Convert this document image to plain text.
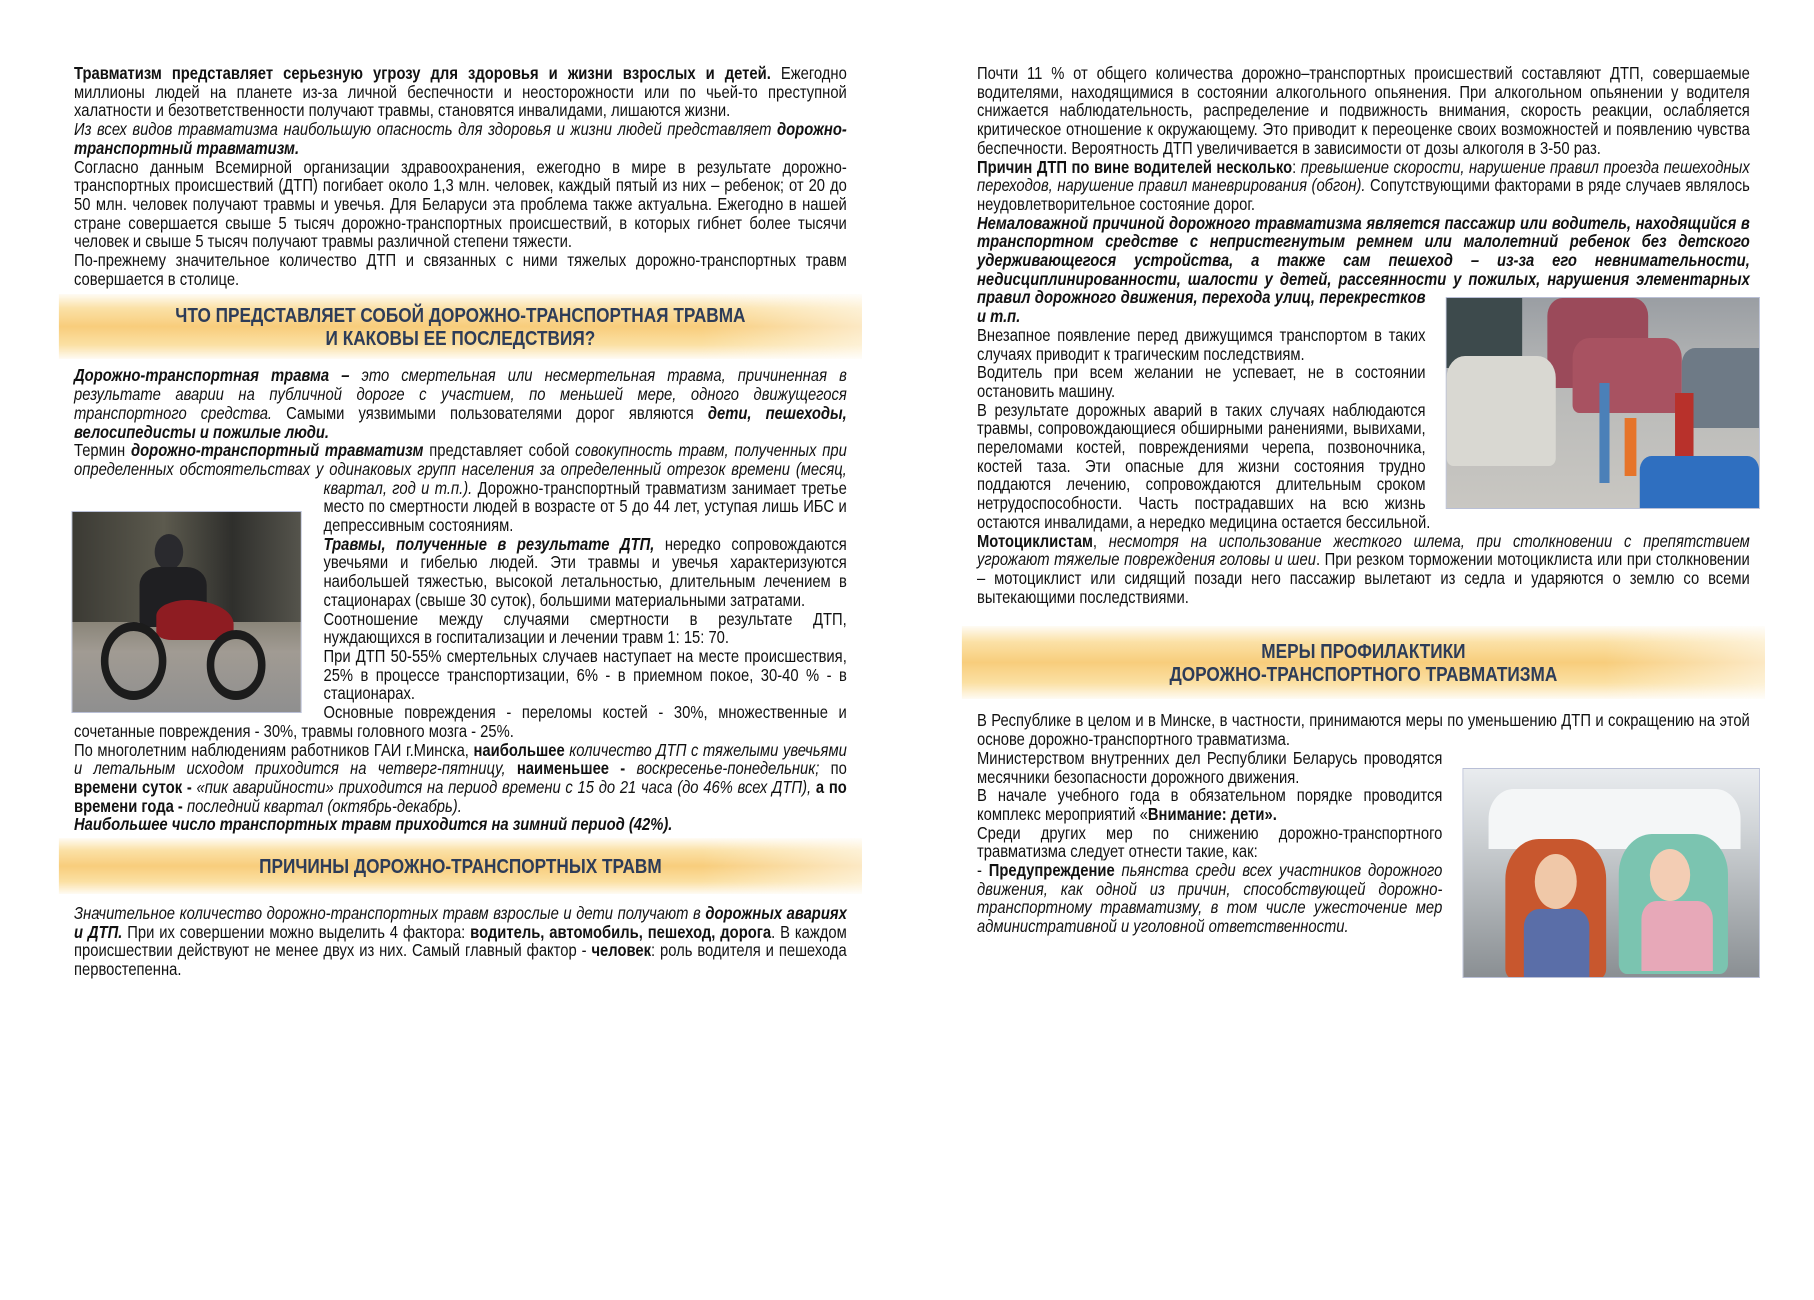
Травматизм представляет серьезную угрозу для здоровья и жизни взрослых и детей. Ежегодно миллионы людей на планете из-за личной беспечности и неосторожности или по чьей-то преступной халатности и безответственности получают травмы, становятся инвалидами, лишаются жизни.

Из всех видов травматизма наибольшую опасность для здоровья и жизни людей представляет дорожно-транспортный травматизм.

Согласно данным Всемирной организации здравоохранения, ежегодно в мире в результате дорожно-транспортных происшествий (ДТП) погибает около 1,3 млн. человек, каждый пятый из них – ребенок; от 20 до 50 млн. человек получают травмы и увечья. Для Беларуси эта проблема также актуальна. Ежегодно в нашей стране совершается свыше 5 тысяч дорожно-транспортных происшествий, в которых гибнет более тысячи человек и свыше 5 тысяч получают травмы различной степени тяжести.

По-прежнему значительное количество ДТП и связанных с ними тяжелых дорожно-транспортных травм совершается в столице.

ЧТО ПРЕДСТАВЛЯЕТ СОБОЙ ДОРОЖНО-ТРАНСПОРТНАЯ ТРАВМА
И КАКОВЫ ЕЕ ПОСЛЕДСТВИЯ?

Дорожно-транспортная травма – это смертельная или несмертельная травма, причиненная в результате аварии на публичной дороге с участием, по меньшей мере, одного движущегося транспортного средства. Самыми уязвимыми пользователями дорог являются дети, пешеходы, велосипедисты и пожилые люди.

Термин дорожно-транспортный травматизм представляет собой совокупность травм, полученных при определенных обстоятельствах у одинаковых групп населения за определенный отрезок времени (месяц, квартал, год и т.п.). Дорожно-транспортный травматизм занимает третье место по смертности людей в возрасте от 5 до 44 лет, уступая лишь ИБС и депрессивным состояниям.

Травмы, полученные в результате ДТП, нередко сопровождаются увечьями и гибелью людей. Эти травмы и увечья характеризуются наибольшей тяжестью, высокой летальностью, длительным лечением в стационарах (свыше 30 суток), большими материальными затратами.

Соотношение между случаями смертности в результате ДТП, нуждающихся в госпитализации и лечении травм 1: 15: 70.

При ДТП 50-55% смертельных случаев наступает на месте происшествия, 25% в процессе транспортизации, 6% - в приемном покое, 30-40 % - в стационарах.

Основные повреждения - переломы костей - 30%, множественные и сочетанные повреждения - 30%, травмы головного мозга - 25%.

По многолетним наблюдениям работников ГАИ г.Минска, наибольшее количество ДТП с тяжелыми увечьями и летальным исходом приходится на четверг-пятницу, наименьшее - воскресенье-понедельник; по времени суток - «пик аварийности» приходится на период времени с 15 до 21 часа (до 46% всех ДТП), а по времени года - последний квартал (октябрь-декабрь).

Наибольшее число транспортных травм приходится на зимний период (42%).

ПРИЧИНЫ ДОРОЖНО-ТРАНСПОРТНЫХ ТРАВМ

Значительное количество дорожно-транспортных травм взрослые и дети получают в дорожных авариях и ДТП. При их совершении можно выделить 4 фактора: водитель, автомобиль, пешеход, дорога. В каждом происшествии действуют не менее двух из них. Самый главный фактор - человек: роль водителя и пешехода первостепенна.

Почти 11 % от общего количества дорожно–транспортных происшествий составляют ДТП, совершаемые водителями, находящимися в состоянии алкогольного опьянения. При алкогольном опьянении у водителя снижается наблюдательность, распределение и подвижность внимания, скорость реакции, ослабляется критическое отношение к окружающему. Это приводит к переоценке своих возможностей и появлению чувства беспечности. Вероятность ДТП увеличивается в зависимости от дозы алкоголя в 3-50 раз.

Причин ДТП по вине водителей несколько: превышение скорости, нарушение правил проезда пешеходных переходов, нарушение правил маневрирования (обгон). Сопутствующими факторами в ряде случаев являлось неудовлетворительное состояние дорог.

Немаловажной причиной дорожного травматизма является пассажир или водитель, находящийся в транспортном средстве с непристегнутым ремнем или малолетний ребенок без детского удерживающегося устройства, а также сам пешеход – из-за его невнимательности, недисциплинированности, шалости у детей, рассеянности у пожилых, нарушения элементарных правил дорожного движения, перехода улиц, перекрестков и т.п.

Внезапное появление перед движущимся транспортом в таких случаях приводит к трагическим последствиям.

Водитель при всем желании не успевает, не в состоянии остановить машину.

В результате дорожных аварий в таких случаях наблюдаются травмы, сопровождающиеся обширными ранениями, вывихами, переломами костей, повреждениями черепа, позвоночника, костей таза. Эти опасные для жизни состояния трудно поддаются лечению, сопровождаются длительным сроком нетрудоспособности. Часть пострадавших на всю жизнь остаются инвалидами, а нередко медицина остается бессильной.

Мотоциклистам, несмотря на использование жесткого шлема, при столкновении с препятствием угрожают тяжелые повреждения головы и шеи. При резком торможении мотоциклиста или при столкновении – мотоциклист или сидящий позади него пассажир вылетают из седла и ударяются о землю со всеми вытекающими последствиями.

МЕРЫ ПРОФИЛАКТИКИ
ДОРОЖНО-ТРАНСПОРТНОГО ТРАВМАТИЗМА

В Республике в целом и в Минске, в частности, принимаются меры по уменьшению ДТП и сокращению на этой основе дорожно-транспортного травматизма.

Министерством внутренних дел Республики Беларусь проводятся месячники безопасности дорожного движения.

В начале учебного года в обязательном порядке проводится комплекс мероприятий «Внимание: дети».

Среди других мер по снижению дорожно-транспортного травматизма следует отнести такие, как:

- Предупреждение пьянства среди всех участников дорожного движения, как одной из причин, способствующей дорожно-транспортному травматизму, в том числе ужесточение мер административной и уголовной ответственности.
